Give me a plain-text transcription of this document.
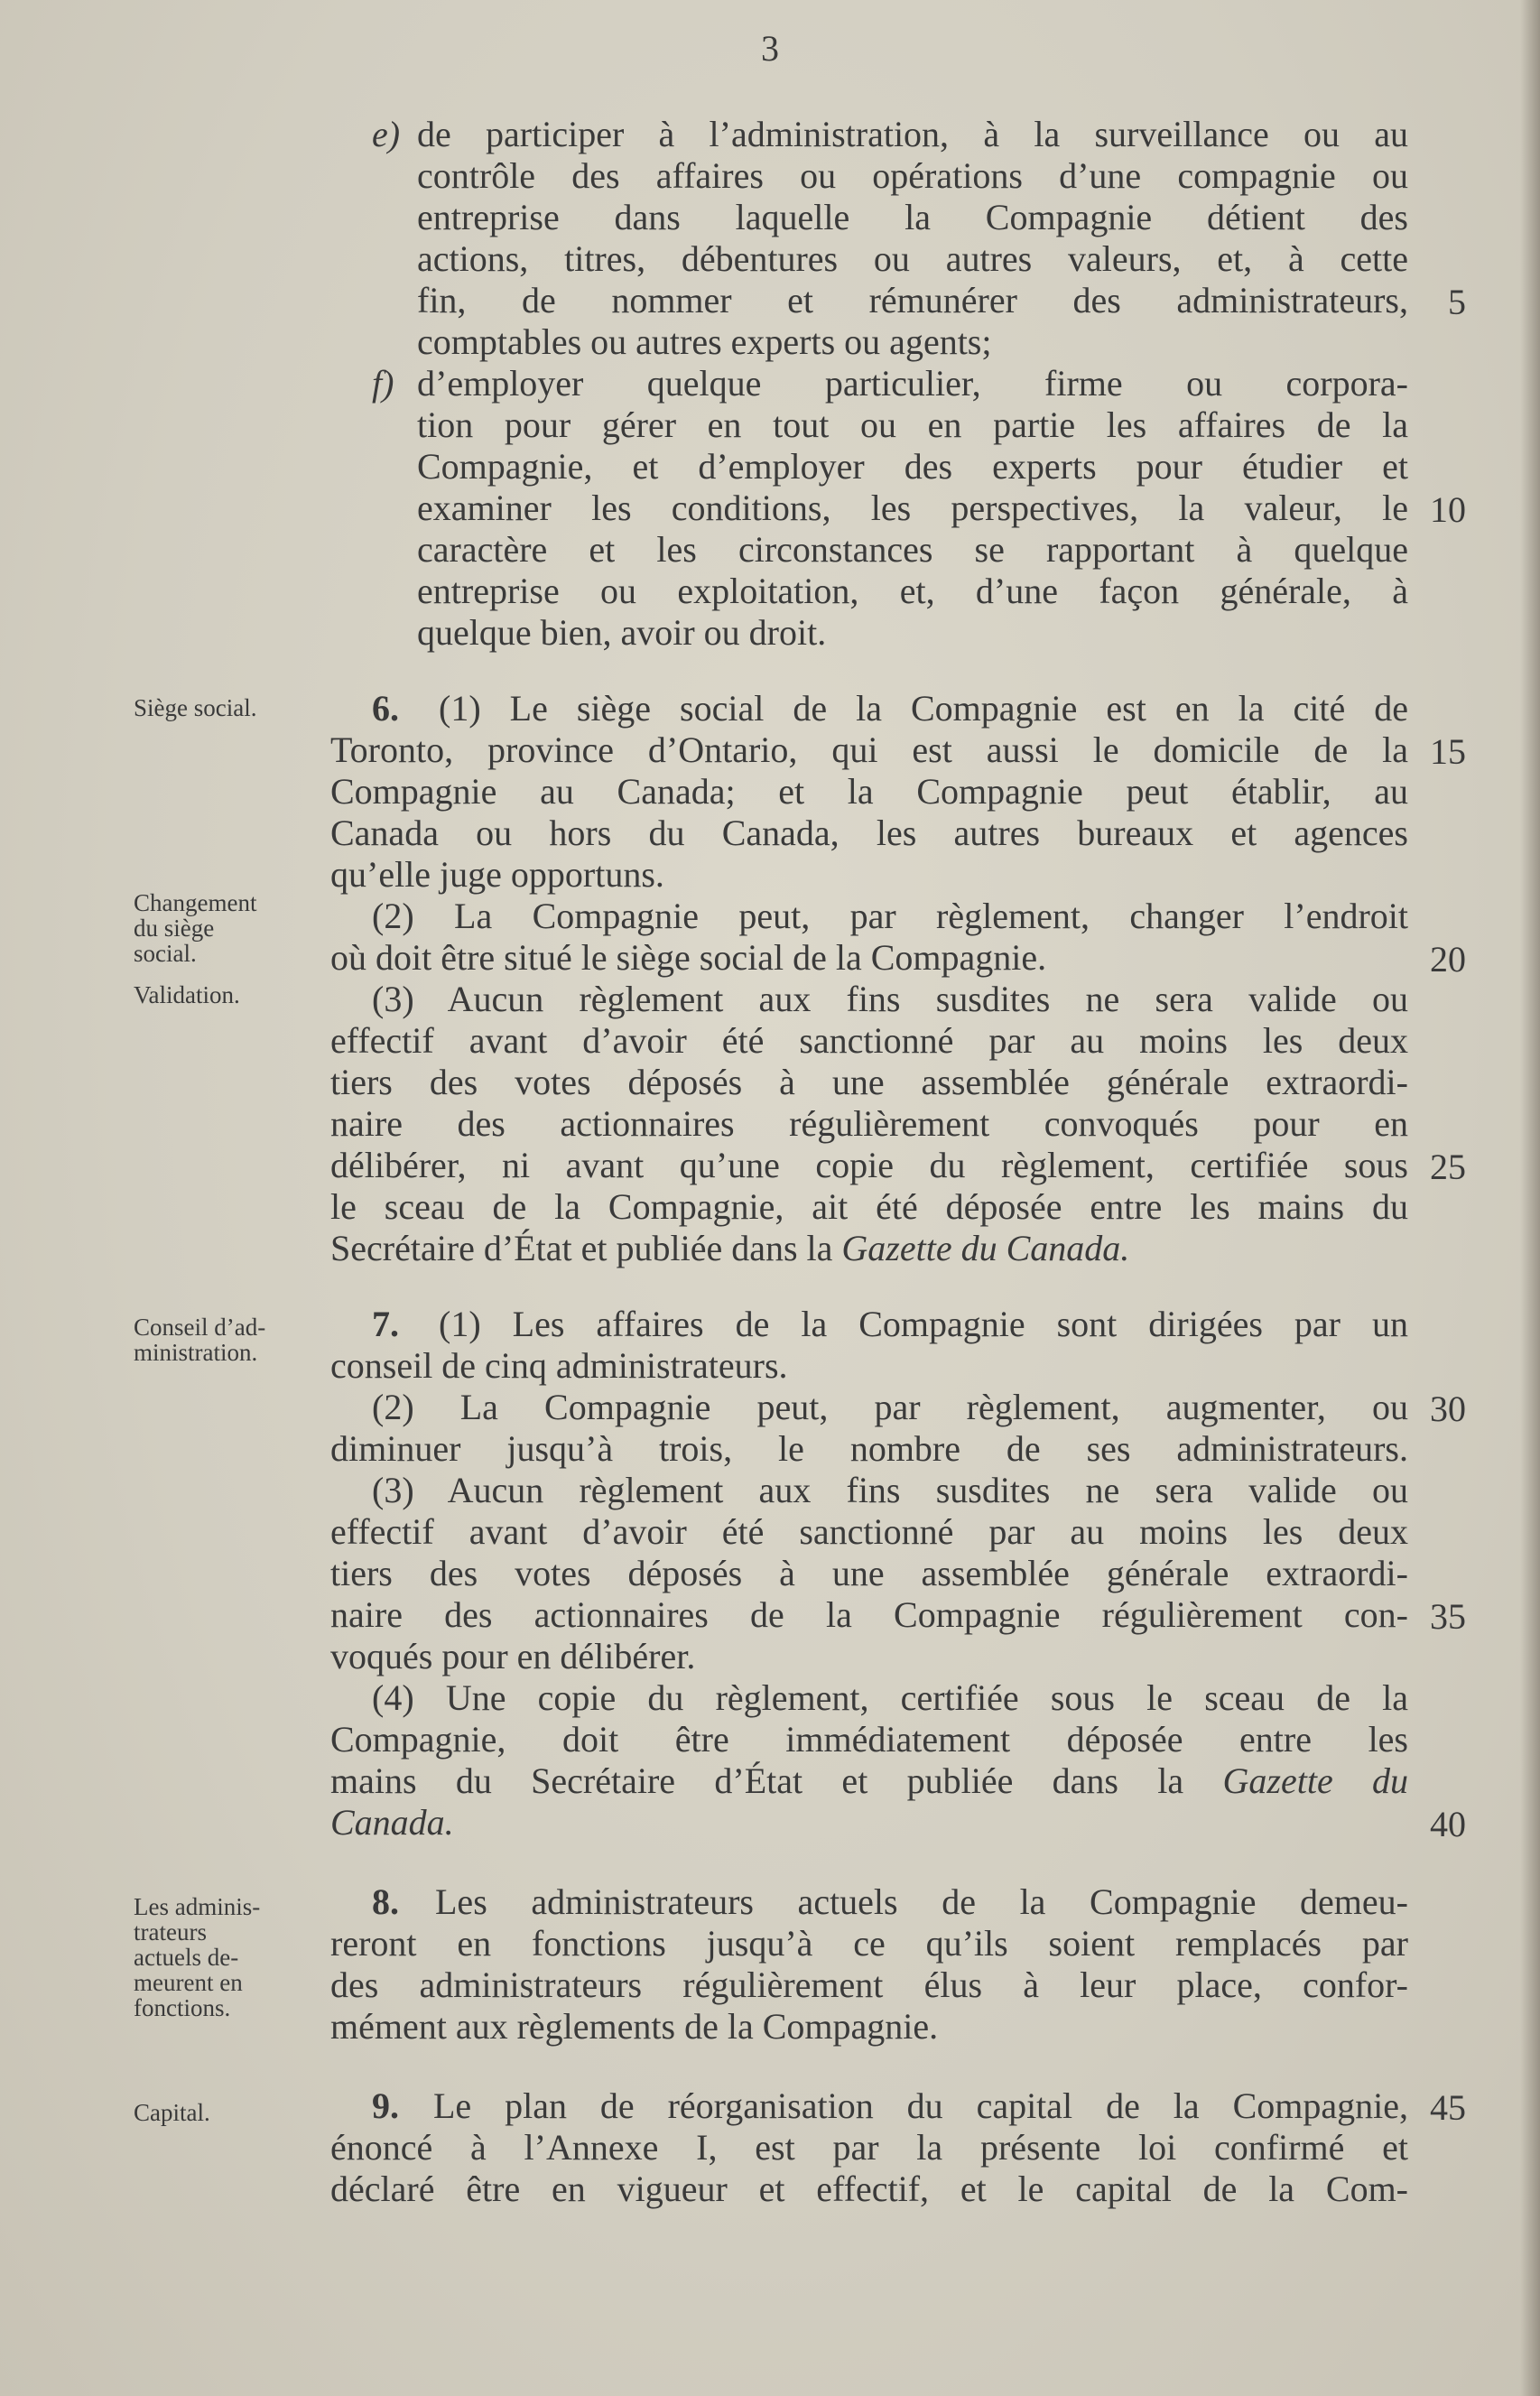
3
e) de participer à l’administration, à la surveillance ou au
contrôle des affaires ou opérations d’une compagnie ou
entreprise dans laquelle la Compagnie détient des
actions, titres, débentures ou autres valeurs, et, à cette
fin, de nommer et rémunérer des administrateurs,
comptables ou autres experts ou agents;
f) d’employer quelque particulier, firme ou corpora-
tion pour gérer en tout ou en partie les affaires de la
Compagnie, et d’employer des experts pour étudier et
examiner les conditions, les perspectives, la valeur, le
caractère et les circonstances se rapportant à quelque
entreprise ou exploitation, et, d’une façon générale, à
quelque bien, avoir ou droit.
6. (1) Le siège social de la Compagnie est en la cité de
Toronto, province d’Ontario, qui est aussi le domicile de la
Compagnie au Canada; et la Compagnie peut établir, au
Canada ou hors du Canada, les autres bureaux et agences
qu’elle juge opportuns.
(2) La Compagnie peut, par règlement, changer l’endroit
où doit être situé le siège social de la Compagnie.
(3) Aucun règlement aux fins susdites ne sera valide ou
effectif avant d’avoir été sanctionné par au moins les deux
tiers des votes déposés à une assemblée générale extraordi-
naire des actionnaires régulièrement convoqués pour en
délibérer, ni avant qu’une copie du règlement, certifiée sous
le sceau de la Compagnie, ait été déposée entre les mains du
Secrétaire d’État et publiée dans la Gazette du Canada.
7. (1) Les affaires de la Compagnie sont dirigées par un
conseil de cinq administrateurs.
(2) La Compagnie peut, par règlement, augmenter, ou
diminuer jusqu’à trois, le nombre de ses administrateurs.
(3) Aucun règlement aux fins susdites ne sera valide ou
effectif avant d’avoir été sanctionné par au moins les deux
tiers des votes déposés à une assemblée générale extraordi-
naire des actionnaires de la Compagnie régulièrement con-
voqués pour en délibérer.
(4) Une copie du règlement, certifiée sous le sceau de la
Compagnie, doit être immédiatement déposée entre les
mains du Secrétaire d’État et publiée dans la Gazette du
Canada.
8. Les administrateurs actuels de la Compagnie demeu-
reront en fonctions jusqu’à ce qu’ils soient remplacés par
des administrateurs régulièrement élus à leur place, confor-
mément aux règlements de la Compagnie.
9. Le plan de réorganisation du capital de la Compagnie,
énoncé à l’Annexe I, est par la présente loi confirmé et
déclaré être en vigueur et effectif, et le capital de la Com-
5
10
15
20
25
30
35
40
45
Siège social.
Changement
du siège
social.
Validation.
Conseil d’ad-
ministration.
Les adminis-
trateurs
actuels de-
meurent en
fonctions.
Capital.
